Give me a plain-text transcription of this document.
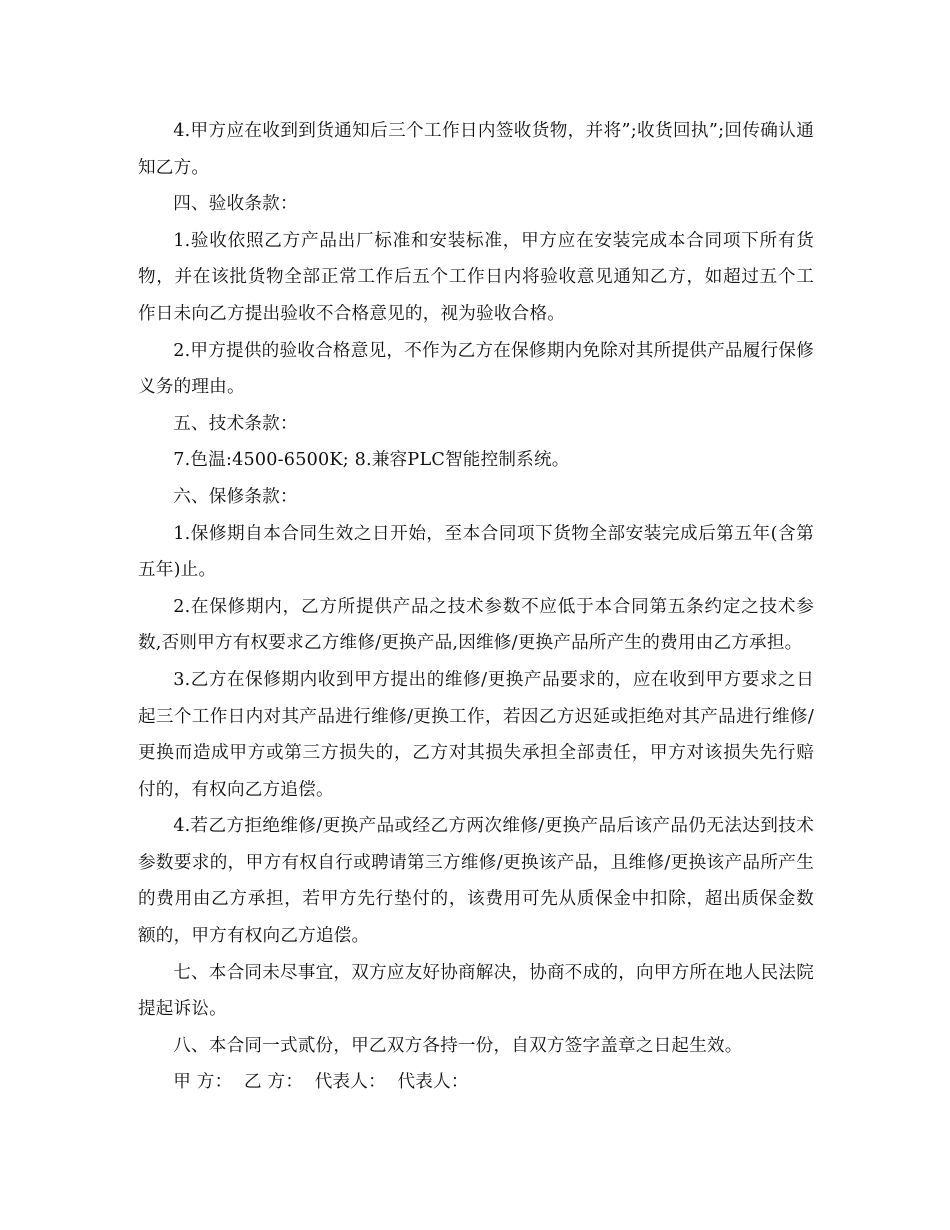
4.甲方应在收到到货通知后三个工作日内签收货物，并将”;收货回执”;回传确认通知乙方。

四、验收条款：

1.验收依照乙方产品出厂标准和安装标准，甲方应在安装完成本合同项下所有货物，并在该批货物全部正常工作后五个工作日内将验收意见通知乙方，如超过五个工作日未向乙方提出验收不合格意见的，视为验收合格。

2.甲方提供的验收合格意见，不作为乙方在保修期内免除对其所提供产品履行保修义务的理由。

五、技术条款：

7.色温:4500-6500K; 8.兼容PLC智能控制系统。

六、保修条款：

1.保修期自本合同生效之日开始，至本合同项下货物全部安装完成后第五年(含第五年)止。

2.在保修期内，乙方所提供产品之技术参数不应低于本合同第五条约定之技术参数,否则甲方有权要求乙方维修/更换产品,因维修/更换产品所产生的费用由乙方承担。

3.乙方在保修期内收到甲方提出的维修/更换产品要求的，应在收到甲方要求之日起三个工作日内对其产品进行维修/更换工作，若因乙方迟延或拒绝对其产品进行维修/更换而造成甲方或第三方损失的，乙方对其损失承担全部责任，甲方对该损失先行赔付的，有权向乙方追偿。

4.若乙方拒绝维修/更换产品或经乙方两次维修/更换产品后该产品仍无法达到技术参数要求的，甲方有权自行或聘请第三方维修/更换该产品，且维修/更换该产品所产生的费用由乙方承担，若甲方先行垫付的，该费用可先从质保金中扣除，超出质保金数额的，甲方有权向乙方追偿。

七、本合同未尽事宜，双方应友好协商解决，协商不成的，向甲方所在地人民法院提起诉讼。

八、本合同一式贰份，甲乙双方各持一份，自双方签字盖章之日起生效。

甲 方：  乙 方：  代表人：  代表人：
